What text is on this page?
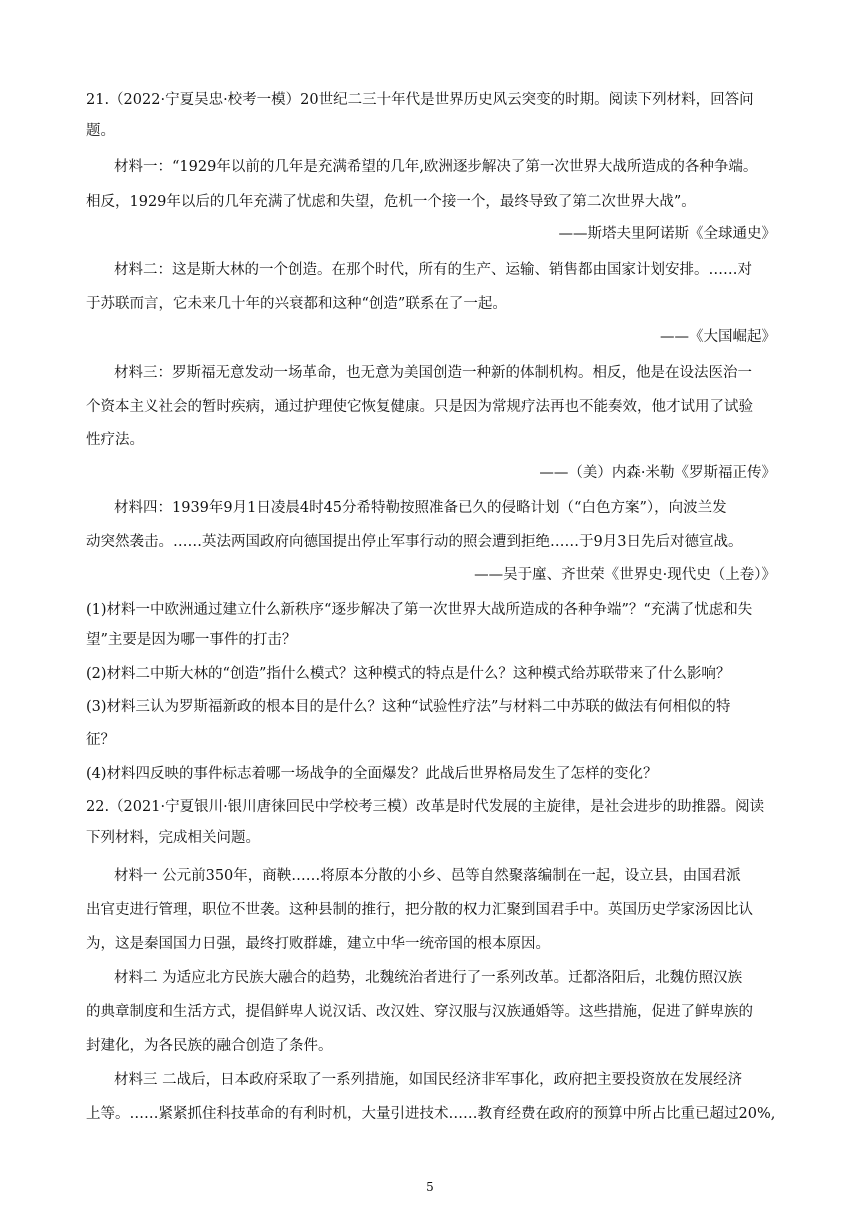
21.（2022·宁夏吴忠·校考一模）20世纪二三十年代是世界历史风云突变的时期。阅读下列材料，回答问
题。
材料一：“1929年以前的几年是充满希望的几年,欧洲逐步解决了第一次世界大战所造成的各种争端。
相反，1929年以后的几年充满了忧虑和失望，危机一个接一个，最终导致了第二次世界大战”。
——斯塔夫里阿诺斯《全球通史》
材料二：这是斯大林的一个创造。在那个时代，所有的生产、运输、销售都由国家计划安排。……对
于苏联而言，它未来几十年的兴衰都和这种“创造”联系在了一起。
——《大国崛起》
材料三：罗斯福无意发动一场革命，也无意为美国创造一种新的体制机构。相反，他是在设法医治一
个资本主义社会的暂时疾病，通过护理使它恢复健康。只是因为常规疗法再也不能奏效，他才试用了试验
性疗法。
——（美）内森·米勒《罗斯福正传》
材料四：1939年9月1日凌晨4时45分希特勒按照准备已久的侵略计划（“白色方案”），向波兰发
动突然袭击。……英法两国政府向德国提出停止军事行动的照会遭到拒绝……于9月3日先后对德宣战。
——吴于廑、齐世荣《世界史·现代史（上卷）》
(1)材料一中欧洲通过建立什么新秩序“逐步解决了第一次世界大战所造成的各种争端”？“充满了忧虑和失
望”主要是因为哪一事件的打击？
(2)材料二中斯大林的“创造”指什么模式？这种模式的特点是什么？这种模式给苏联带来了什么影响？
(3)材料三认为罗斯福新政的根本目的是什么？这种“试验性疗法”与材料二中苏联的做法有何相似的特
征？
(4)材料四反映的事件标志着哪一场战争的全面爆发？此战后世界格局发生了怎样的变化？
22.（2021·宁夏银川·银川唐徕回民中学校考三模）改革是时代发展的主旋律，是社会进步的助推器。阅读
下列材料，完成相关问题。
材料一 公元前350年，商鞅……将原本分散的小乡、邑等自然聚落编制在一起，设立县，由国君派
出官吏进行管理，职位不世袭。这种县制的推行，把分散的权力汇聚到国君手中。英国历史学家汤因比认
为，这是秦国国力日强，最终打败群雄，建立中华一统帝国的根本原因。
材料二 为适应北方民族大融合的趋势，北魏统治者进行了一系列改革。迁都洛阳后，北魏仿照汉族
的典章制度和生活方式，提倡鲜卑人说汉话、改汉姓、穿汉服与汉族通婚等。这些措施，促进了鲜卑族的
封建化，为各民族的融合创造了条件。
材料三 二战后，日本政府采取了一系列措施，如国民经济非军事化，政府把主要投资放在发展经济
上等。……紧紧抓住科技革命的有利时机，大量引进技术……教育经费在政府的预算中所占比重已超过20%,
5
